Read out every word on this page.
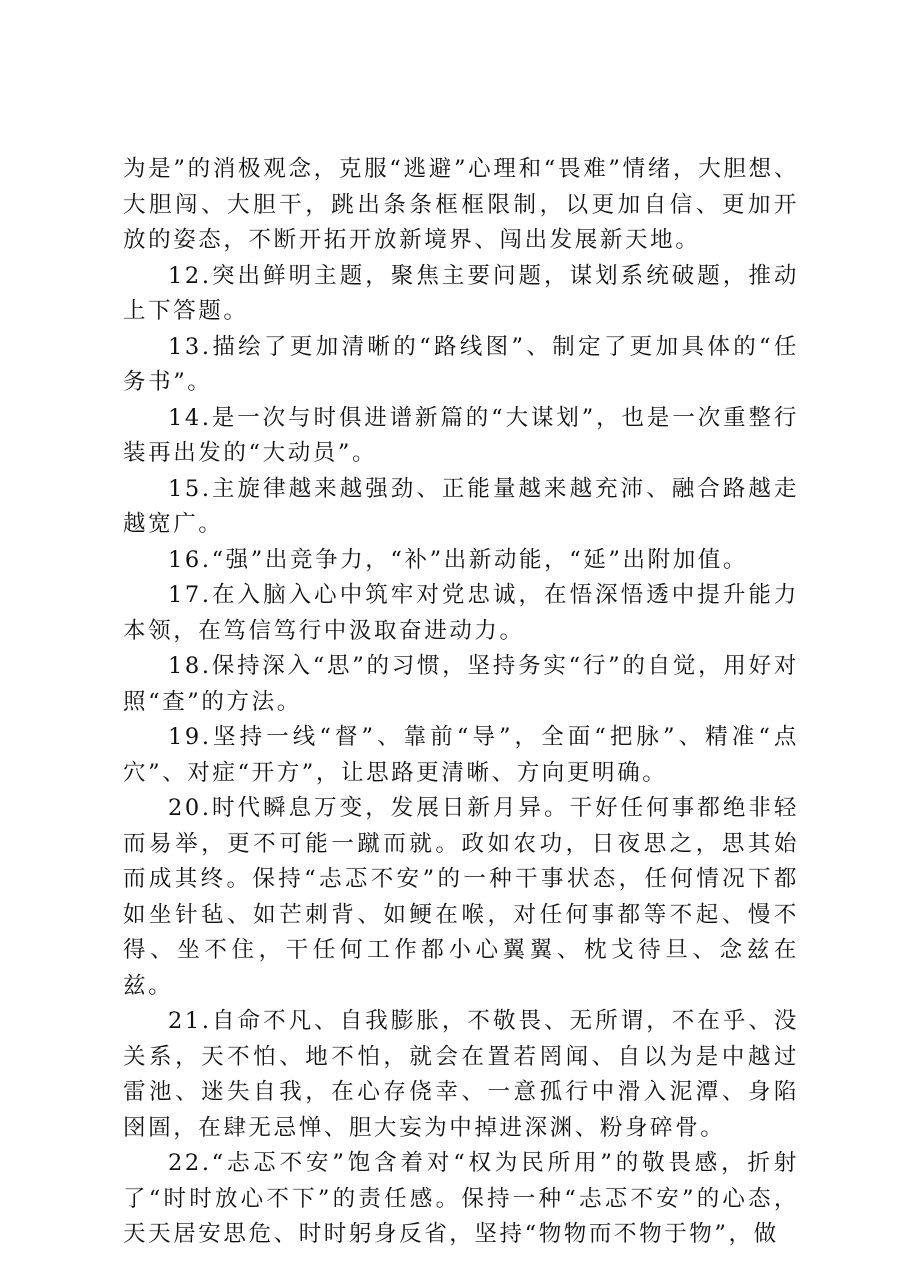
为是”的消极观念，克服“逃避”心理和“畏难”情绪，大胆想、大胆闯、大胆干，跳出条条框框限制，以更加自信、更加开放的姿态，不断开拓开放新境界、闯出发展新天地。

12.突出鲜明主题，聚焦主要问题，谋划系统破题，推动上下答题。

13.描绘了更加清晰的“路线图”、制定了更加具体的“任务书”。

14.是一次与时俱进谱新篇的“大谋划”，也是一次重整行装再出发的“大动员”。

15.主旋律越来越强劲、正能量越来越充沛、融合路越走越宽广。

16.“强”出竞争力，“补”出新动能，“延”出附加值。

17.在入脑入心中筑牢对党忠诚，在悟深悟透中提升能力本领，在笃信笃行中汲取奋进动力。

18.保持深入“思”的习惯，坚持务实“行”的自觉，用好对照“查”的方法。

19.坚持一线“督”、靠前“导”，全面“把脉”、精准“点穴”、对症“开方”，让思路更清晰、方向更明确。

20.时代瞬息万变，发展日新月异。干好任何事都绝非轻而易举，更不可能一蹴而就。政如农功，日夜思之，思其始而成其终。保持“忐忑不安”的一种干事状态，任何情况下都如坐针毡、如芒刺背、如鲠在喉，对任何事都等不起、慢不得、坐不住，干任何工作都小心翼翼、枕戈待旦、念兹在兹。

21.自命不凡、自我膨胀，不敬畏、无所谓，不在乎、没关系，天不怕、地不怕，就会在置若罔闻、自以为是中越过雷池、迷失自我，在心存侥幸、一意孤行中滑入泥潭、身陷囹圄，在肆无忌惮、胆大妄为中掉进深渊、粉身碎骨。

22.“忐忑不安”饱含着对“权为民所用”的敬畏感，折射了“时时放心不下”的责任感。保持一种“忐忑不安”的心态，天天居安思危、时时躬身反省，坚持“物物而不物于物”，做
